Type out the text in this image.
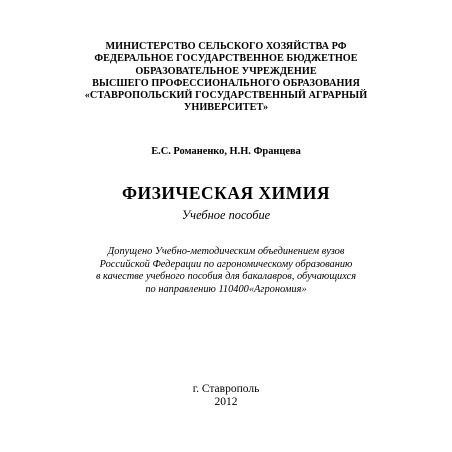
МИНИСТЕРСТВО СЕЛЬСКОГО ХОЗЯЙСТВА РФ
ФЕДЕРАЛЬНОЕ ГОСУДАРСТВЕННОЕ БЮДЖЕТНОЕ
ОБРАЗОВАТЕЛЬНОЕ УЧРЕЖДЕНИЕ
ВЫСШЕГО ПРОФЕССИОНАЛЬНОГО ОБРАЗОВАНИЯ
«СТАВРОПОЛЬСКИЙ ГОСУДАРСТВЕННЫЙ АГРАРНЫЙ
УНИВЕРСИТЕТ»
Е.С. Романенко, Н.Н. Францева
ФИЗИЧЕСКАЯ ХИМИЯ
Учебное пособие
Допущено Учебно-методическим объединением вузов
Российской Федерации по агрономическому образованию
в качестве учебного пособия для бакалавров, обучающихся
по направлению 110400«Агрономия»
г. Ставрополь
2012
